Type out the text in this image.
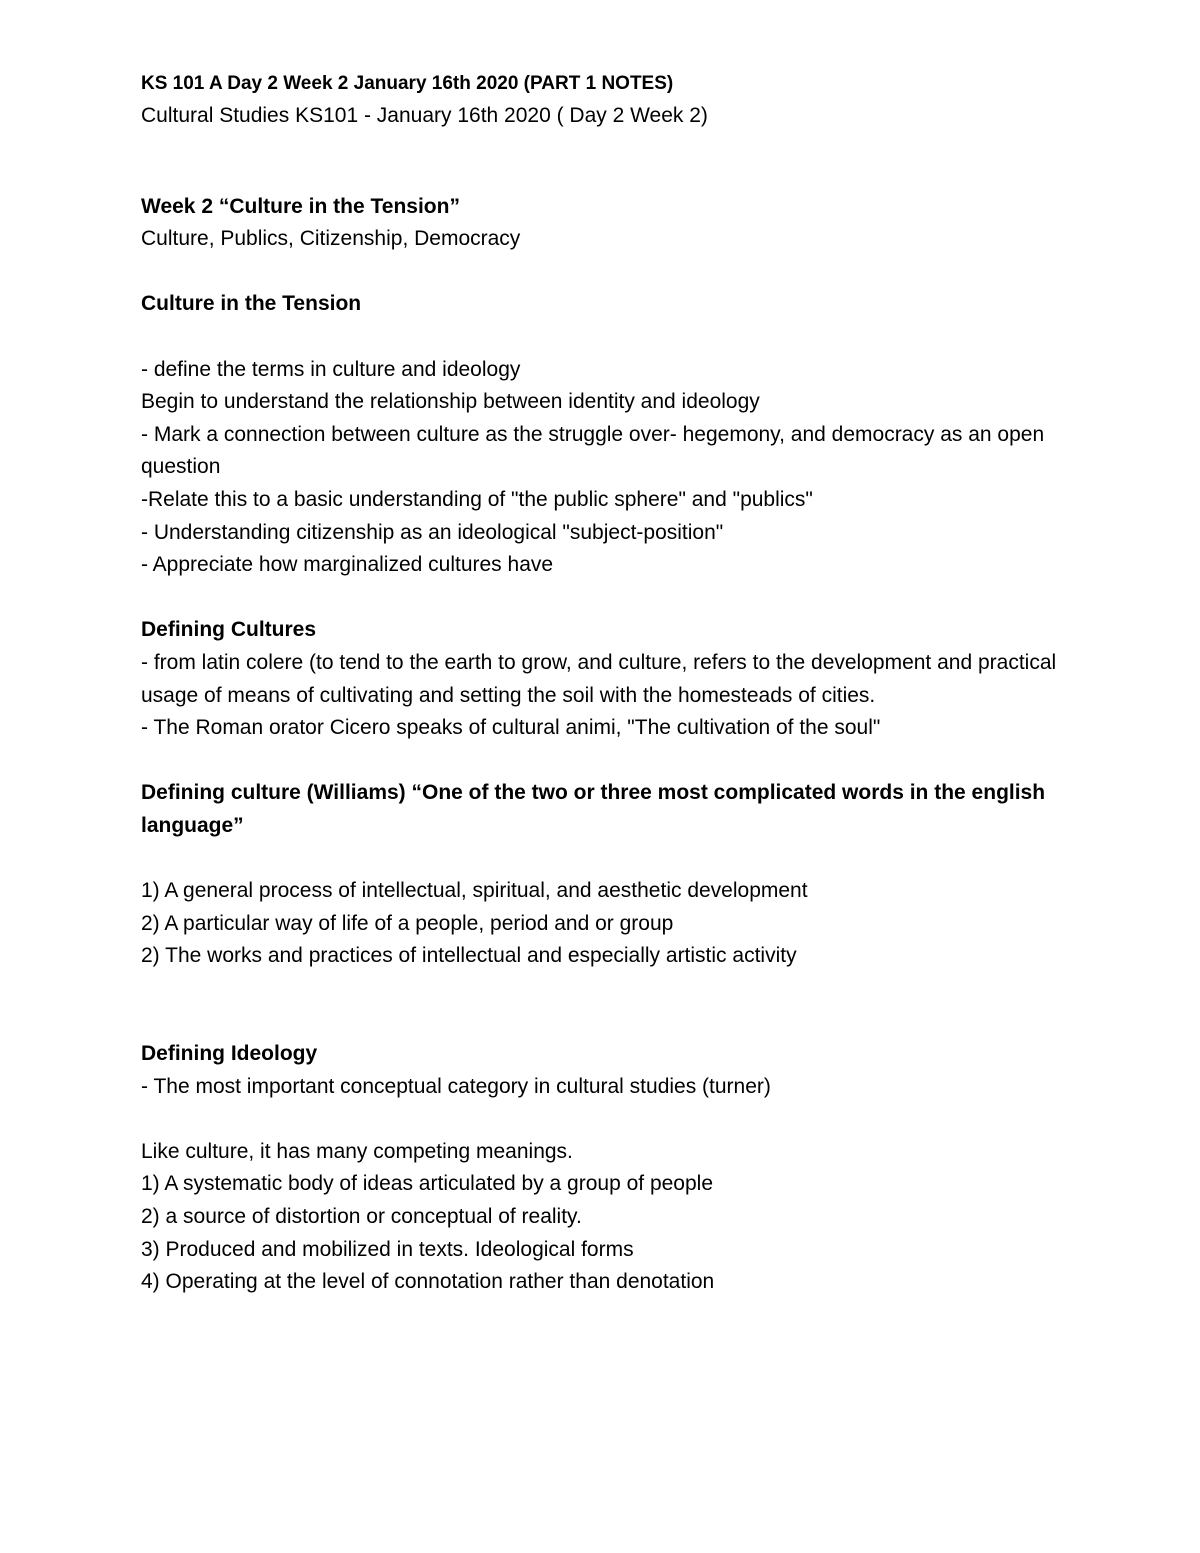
KS 101 A Day 2 Week 2 January 16th 2020 (PART 1 NOTES)

Cultural Studies KS101 - January 16th 2020 ( Day 2 Week 2)

Week 2 “Culture in the Tension”

Culture, Publics, Citizenship, Democracy

Culture in the Tension

- define the terms in culture and ideology

Begin to understand the relationship between identity and ideology

- Mark a connection between culture as the struggle over- hegemony, and democracy as an open question

-Relate this to a basic understanding of "the public sphere" and "publics"

- Understanding citizenship as an ideological "subject-position"

- Appreciate how marginalized cultures have

Defining Cultures

- from latin colere (to tend to the earth to grow, and culture, refers to the development and practical usage of means of cultivating and setting the soil with the homesteads of cities.

- The Roman orator Cicero speaks of cultural animi, "The cultivation of the soul"

Defining culture (Williams) “One of the two or three most complicated words in the english language”

1) A general process of intellectual, spiritual, and aesthetic development

2) A particular way of life of a people, period and or group

2) The works and practices of intellectual and especially artistic activity

Defining Ideology

- The most important conceptual category in cultural studies (turner)

Like culture, it has many competing meanings.

1) A systematic body of ideas articulated by a group of people

2) a source of distortion or conceptual of reality.

3) Produced and mobilized in texts. Ideological forms

4) Operating at the level of connotation rather than denotation
